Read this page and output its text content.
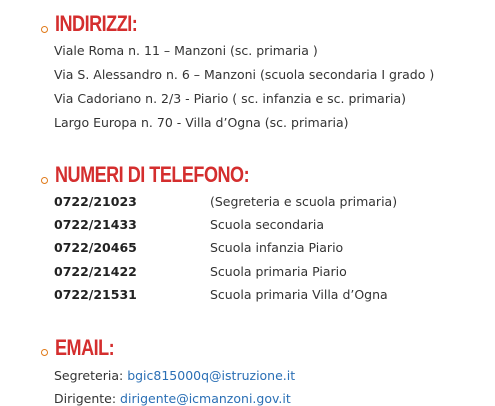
INDIRIZZI:
Viale Roma n. 11 – Manzoni (sc. primaria )
Via S. Alessandro n. 6 – Manzoni (scuola secondaria I grado )
Via Cadoriano n. 2/3 - Piario ( sc. infanzia e sc. primaria)
Largo Europa n. 70 - Villa d’Ogna (sc. primaria)
NUMERI DI TELEFONO:
0722/21023	(Segreteria e scuola primaria)
0722/21433	Scuola secondaria
0722/20465	Scuola infanzia Piario
0722/21422	Scuola primaria Piario
0722/21531	Scuola primaria Villa d’Ogna
EMAIL:
Segreteria: bgic815000q@istruzione.it
Dirigente: dirigente@icmanzoni.gov.it
